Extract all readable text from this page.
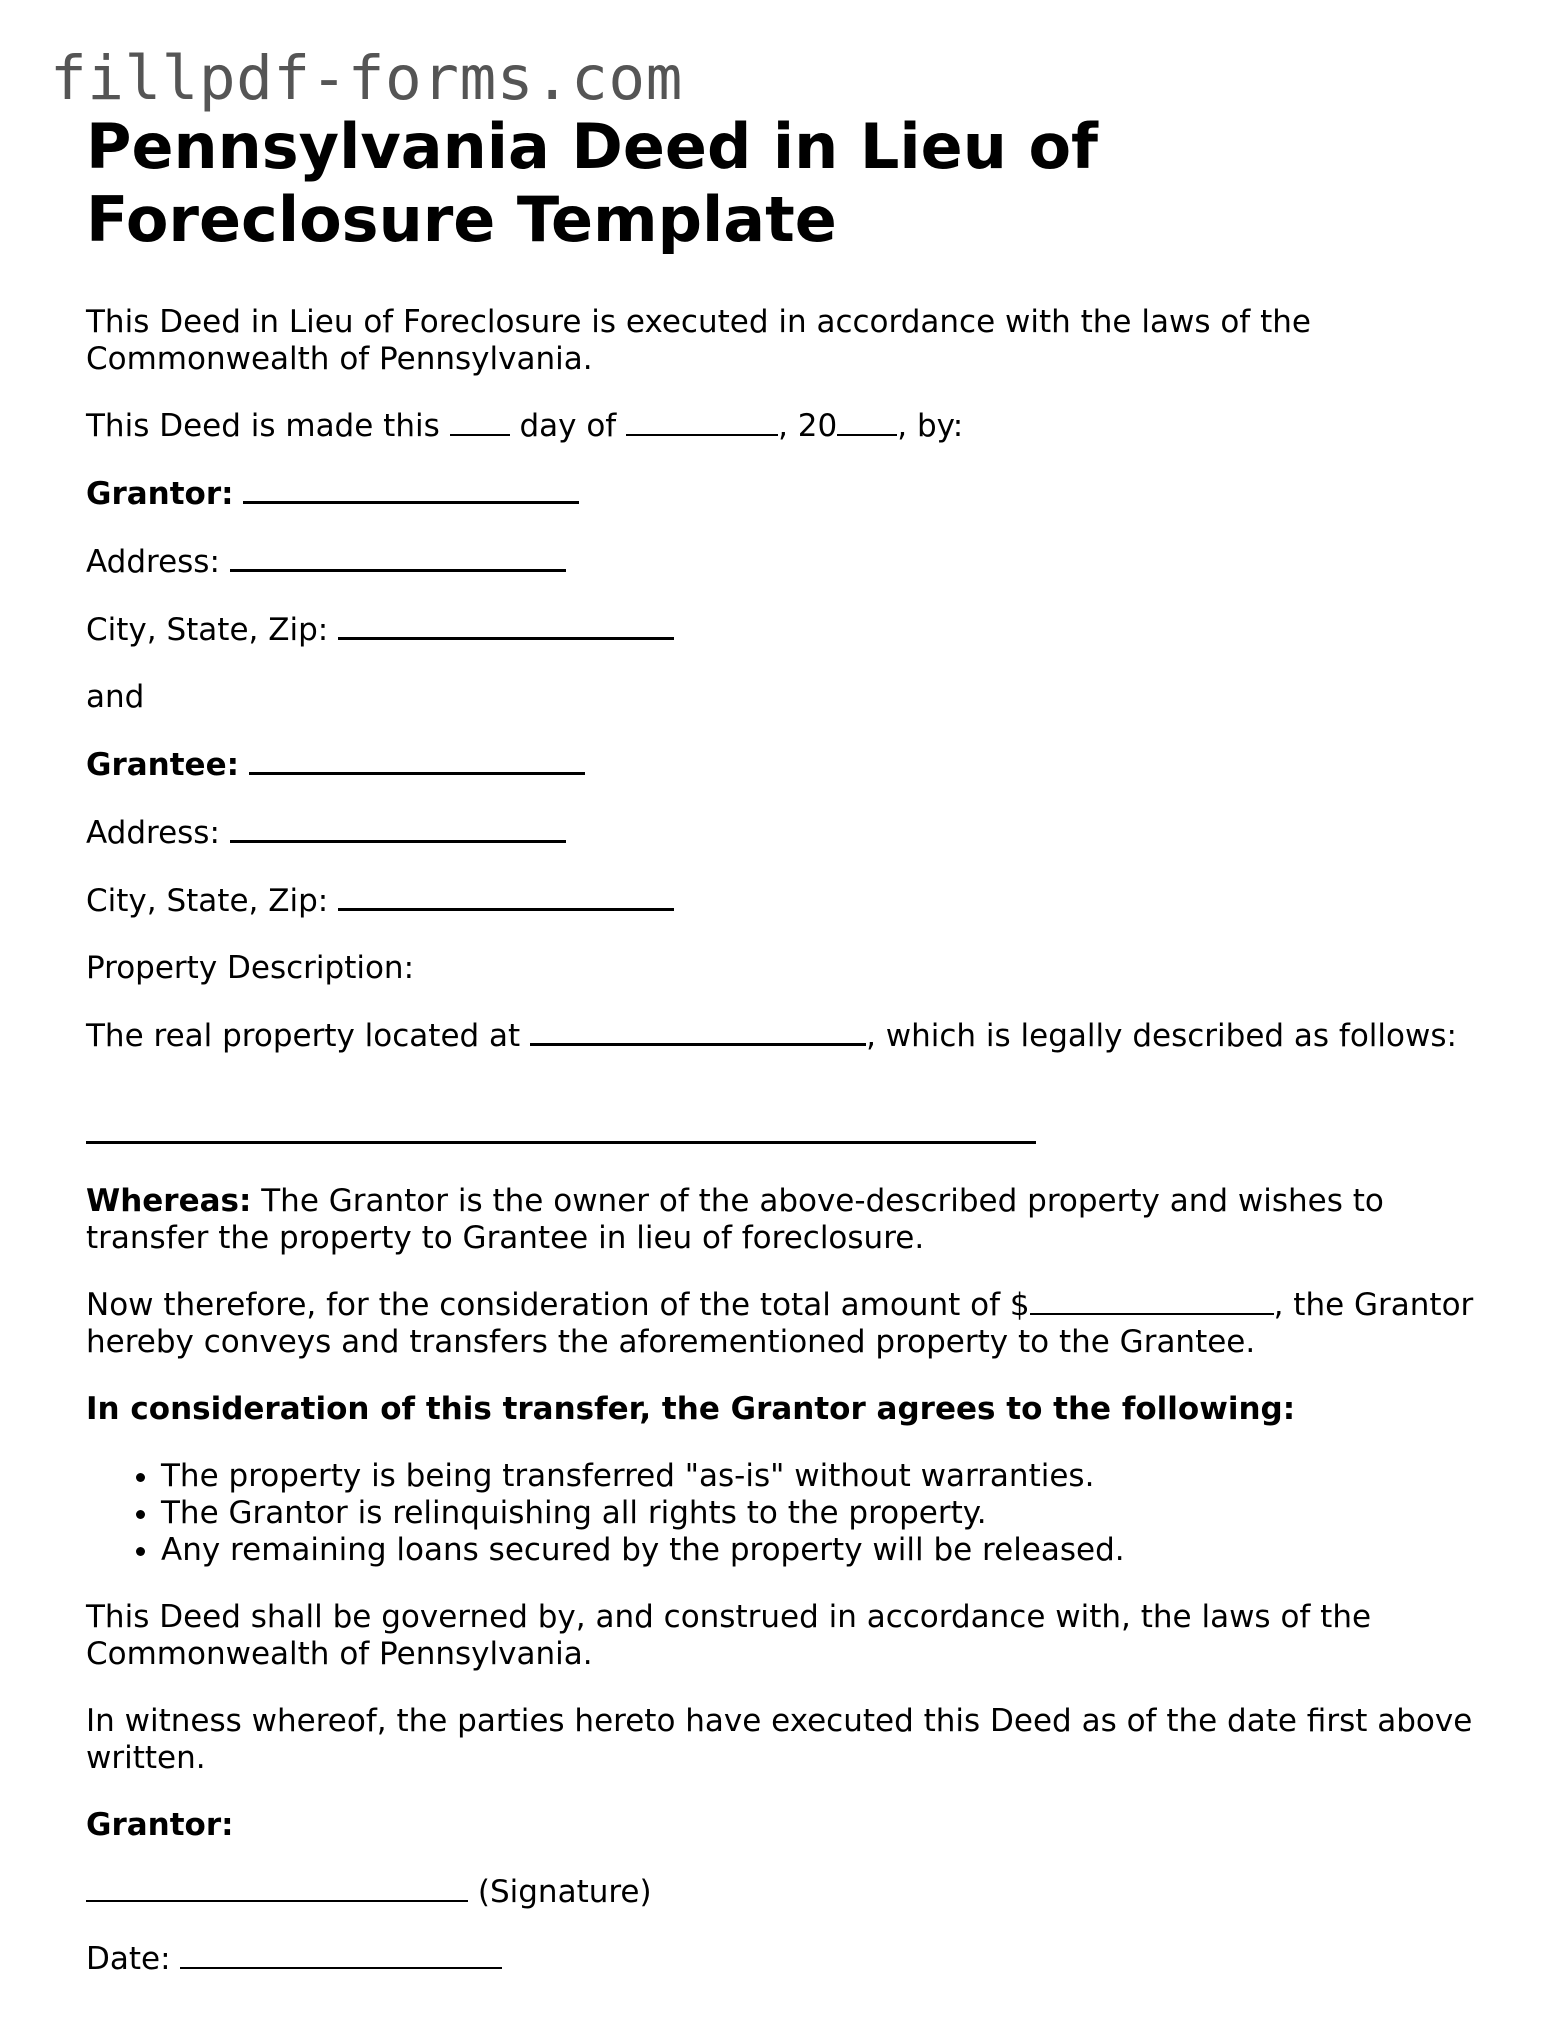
fillpdf-forms.com
Pennsylvania Deed in Lieu of Foreclosure Template

This Deed in Lieu of Foreclosure is executed in accordance with the laws of the Commonwealth of Pennsylvania.

This Deed is made this	day of	, 20 , by:

Grantor:

Address:

City, State, Zip:

and

Grantee:

Address:

City, State, Zip:

Property Description:

The real property located at	, which is legally described as follows:

Whereas: The Grantor is the owner of the above-described property and wishes to transfer the property to Grantee in lieu of foreclosure.

Now therefore, for the consideration of the total amount of $	, the Grantor hereby conveys and transfers the aforementioned property to the Grantee.

In consideration of this transfer, the Grantor agrees to the following:

• The property is being transferred "as-is" without warranties.
• The Grantor is relinquishing all rights to the property.
• Any remaining loans secured by the property will be released.

This Deed shall be governed by, and construed in accordance with, the laws of the Commonwealth of Pennsylvania.

In witness whereof, the parties hereto have executed this Deed as of the date first above written.

Grantor:

(Signature)

Date:
